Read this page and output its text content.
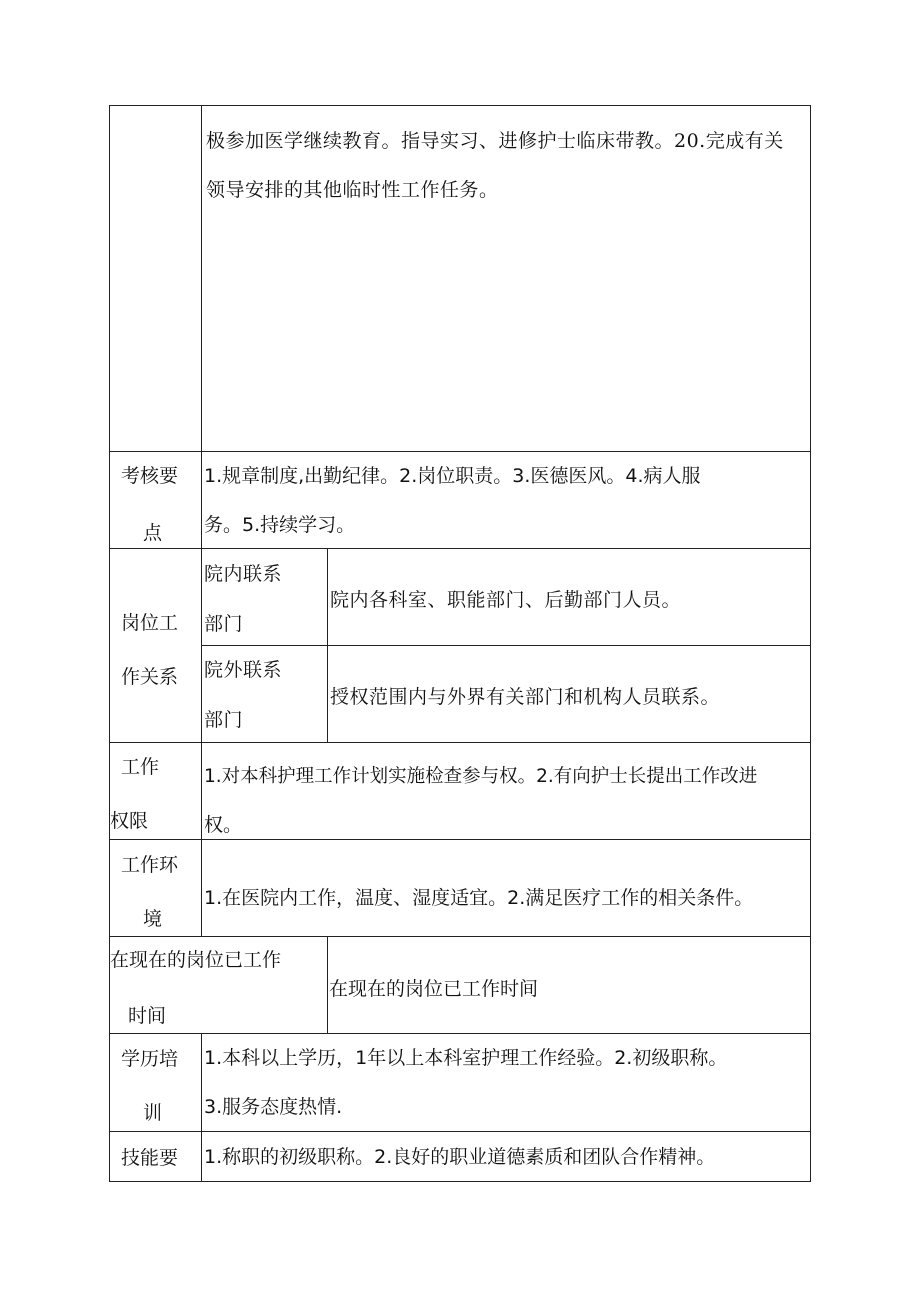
极参加医学继续教育。指导实习、进修护士临床带教。20.完成有关
领导安排的其他临时性工作任务。
考核要
点
1.规章制度,出勤纪律。2.岗位职责。3.医德医风。4.病人服
务。5.持续学习。
岗位工
作关系
院内联系
部门
院内各科室、职能部门、后勤部门人员。
院外联系
部门
授权范围内与外界有关部门和机构人员联系。
工作
权限
1.对本科护理工作计划实施检查参与权。2.有向护士长提出工作改进
权。
工作环
境
1.在医院内工作，温度、湿度适宜。2.满足医疗工作的相关条件。
在现在的岗位已工作
时间
在现在的岗位已工作时间
学历培
训
1.本科以上学历，1年以上本科室护理工作经验。2.初级职称。
3.服务态度热情.
技能要 1.称职的初级职称。2.良好的职业道德素质和团队合作精神。
